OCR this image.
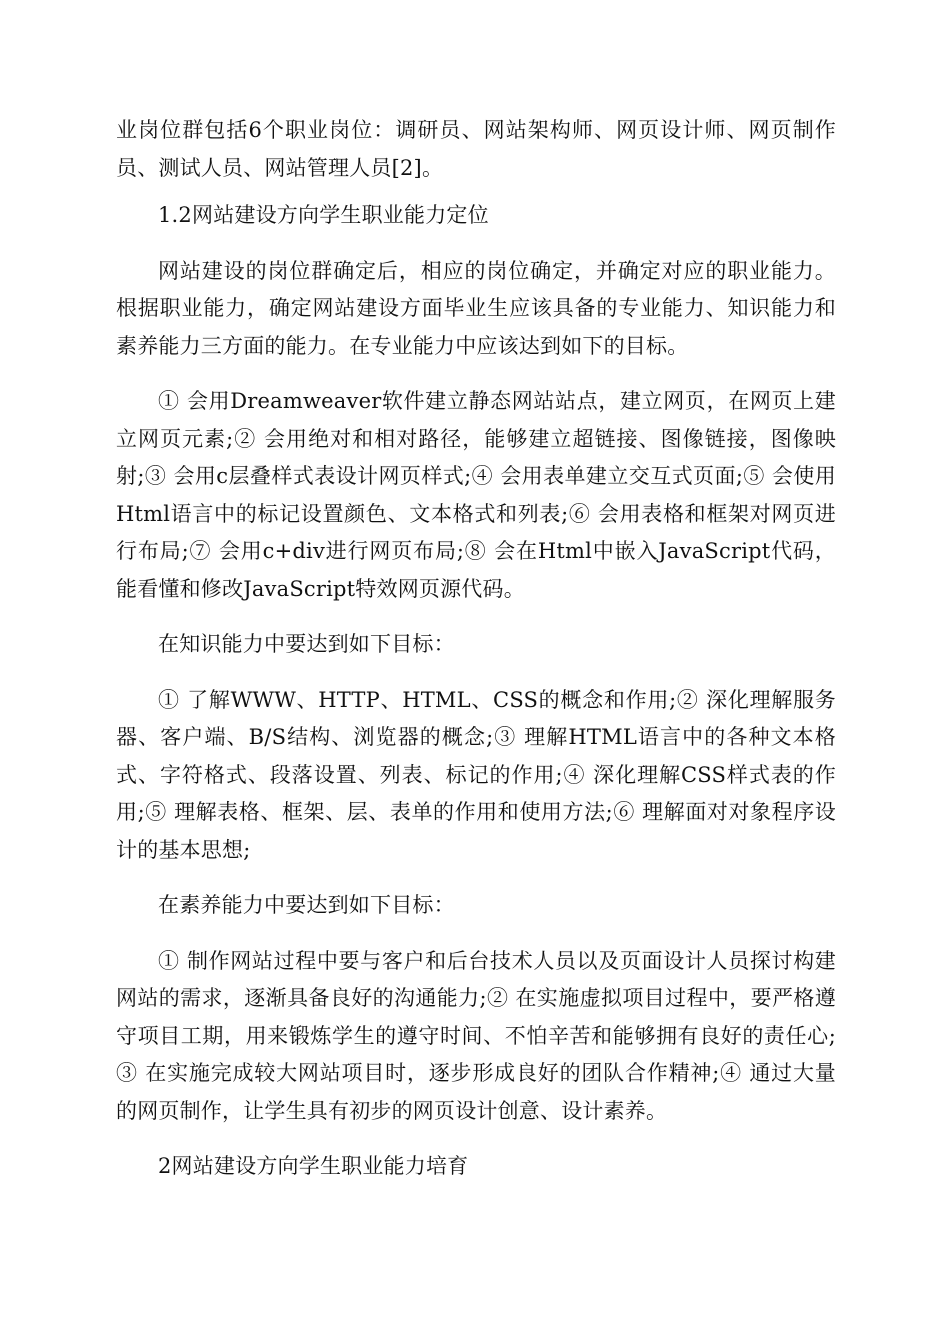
业岗位群包括6个职业岗位：调研员、网站架构师、网页设计师、网页制作员、测试人员、网站管理人员[2]。

1.2网站建设方向学生职业能力定位

网站建设的岗位群确定后，相应的岗位确定，并确定对应的职业能力。根据职业能力，确定网站建设方面毕业生应该具备的专业能力、知识能力和素养能力三方面的能力。在专业能力中应该达到如下的目标。

① 会用Dreamweaver软件建立静态网站站点，建立网页，在网页上建立网页元素;② 会用绝对和相对路径，能够建立超链接、图像链接，图像映射;③ 会用c层叠样式表设计网页样式;④ 会用表单建立交互式页面;⑤ 会使用Html语言中的标记设置颜色、文本格式和列表;⑥ 会用表格和框架对网页进行布局;⑦ 会用c+div进行网页布局;⑧ 会在Html中嵌入JavaScript代码，能看懂和修改JavaScript特效网页源代码。

在知识能力中要达到如下目标：

① 了解WWW、HTTP、HTML、CSS的概念和作用;② 深化理解服务器、客户端、B/S结构、浏览器的概念;③ 理解HTML语言中的各种文本格式、字符格式、段落设置、列表、标记的作用;④ 深化理解CSS样式表的作用;⑤ 理解表格、框架、层、表单的作用和使用方法;⑥ 理解面对对象程序设计的基本思想;

在素养能力中要达到如下目标：

① 制作网站过程中要与客户和后台技术人员以及页面设计人员探讨构建网站的需求，逐渐具备良好的沟通能力;② 在实施虚拟项目过程中，要严格遵守项目工期，用来锻炼学生的遵守时间、不怕辛苦和能够拥有良好的责任心;③ 在实施完成较大网站项目时，逐步形成良好的团队合作精神;④ 通过大量的网页制作，让学生具有初步的网页设计创意、设计素养。

2网站建设方向学生职业能力培育
